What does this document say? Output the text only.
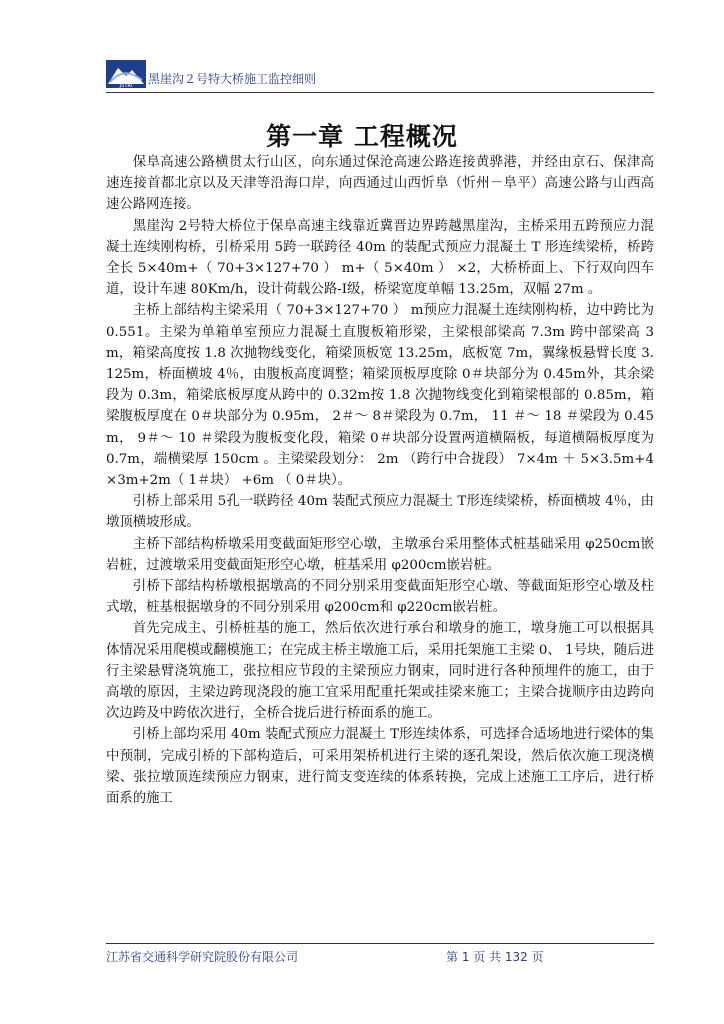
JSTRI 黑崖沟２号特大桥施工监控细则
第一章 工程概况

保阜高速公路横贯太行山区，向东通过保沧高速公路连接黄骅港，并经由京石、保津高速连接首都北京以及天津等沿海口岸，向西通过山西忻阜（忻州－阜平）高速公路与山西高速公路网连接。

黑崖沟 2号特大桥位于保阜高速主线靠近冀晋边界跨越黑崖沟，主桥采用五跨预应力混凝土连续刚构桥，引桥采用 5跨一联跨径 40m 的装配式预应力混凝土 T 形连续梁桥，桥跨全长 5×40m+（ 70+3×127+70 ） m+（ 5×40m ） ×2，大桥桥面上、下行双向四车道，设计车速 80Km/h，设计荷载公路-I级，桥梁宽度单幅 13.25m，双幅 27m 。

主桥上部结构主梁采用（ 70+3×127+70 ） m预应力混凝土连续刚构桥，边中跨比为 0.551。主梁为单箱单室预应力混凝土直腹板箱形梁，主梁根部梁高 7.3m 跨中部梁高 3m，箱梁高度按 1.8 次抛物线变化，箱梁顶板宽 13.25m，底板宽 7m，翼缘板悬臂长度 3.125m，桥面横坡 4％，由腹板高度调整；箱梁顶板厚度除 0＃块部分为 0.45m外，其余梁段为 0.3m，箱梁底板厚度从跨中的 0.32m按 1.8 次抛物线变化到箱梁根部的 0.85m，箱梁腹板厚度在 0＃块部分为 0.95m， 2＃～ 8＃梁段为 0.7m， 11 ＃～ 18 ＃梁段为 0.45m， 9＃～ 10 ＃梁段为腹板变化段，箱梁 0＃块部分设置两道横隔板，每道横隔板厚度为 0.7m，端横梁厚 150cm 。主梁梁段划分： 2m （跨行中合拢段） 7×4m ＋ 5×3.5m+4×3m+2m（ 1＃块） +6m （ 0＃块）。

引桥上部采用 5孔一联跨径 40m 装配式预应力混凝土 T形连续梁桥，桥面横坡 4％，由墩顶横坡形成。

主桥下部结构桥墩采用变截面矩形空心墩，主墩承台采用整体式桩基础采用 φ250cm嵌岩桩，过渡墩采用变截面矩形空心墩，桩基采用 φ200cm嵌岩桩。

引桥下部结构桥墩根据墩高的不同分别采用变截面矩形空心墩、等截面矩形空心墩及柱式墩，桩基根据墩身的不同分别采用 φ200cm和 φ220cm嵌岩桩。

首先完成主、引桥桩基的施工，然后依次进行承台和墩身的施工，墩身施工可以根据具体情况采用爬模或翻模施工；在完成主桥主墩施工后，采用托架施工主梁 0、 1号块，随后进行主梁悬臂浇筑施工，张拉相应节段的主梁预应力钢束，同时进行各种预埋件的施工，由于高墩的原因，主梁边跨现浇段的施工宜采用配重托架或挂梁来施工；主梁合拢顺序由边跨向次边跨及中跨依次进行，全桥合拢后进行桥面系的施工。

引桥上部均采用 40m 装配式预应力混凝土 T形连续体系，可选择合适场地进行梁体的集中预制，完成引桥的下部构造后，可采用架桥机进行主梁的逐孔架设，然后依次施工现浇横梁、张拉墩顶连续预应力钢束，进行简支变连续的体系转换，完成上述施工工序后，进行桥面系的施工

江苏省交通科学研究院股份有限公司	第 1 页 共 132 页
